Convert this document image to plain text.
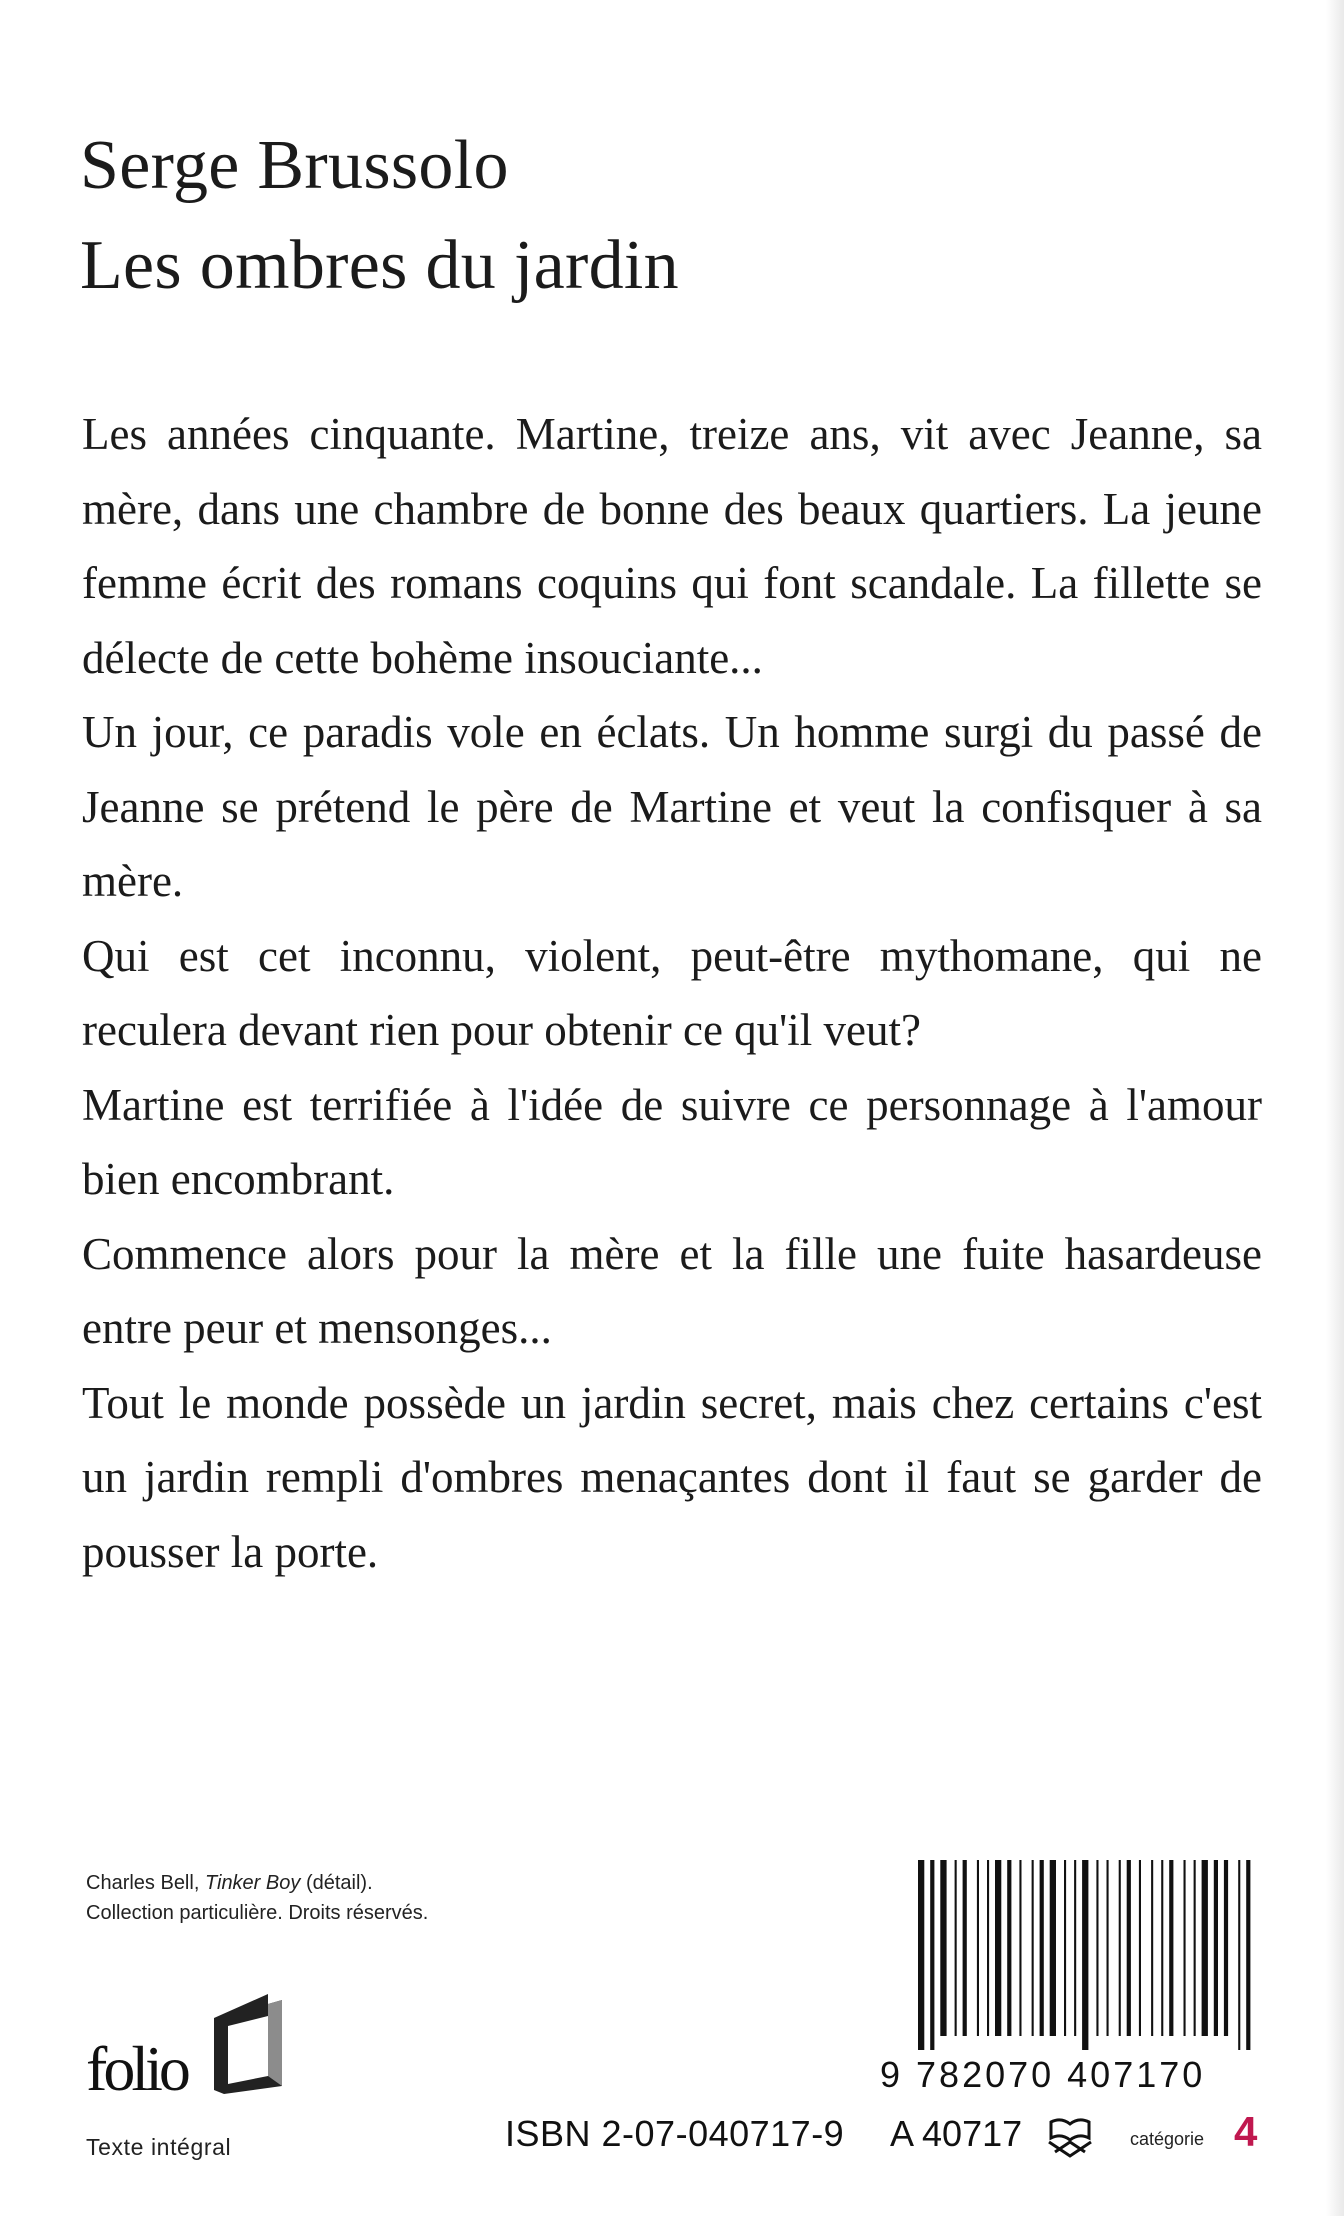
Serge Brussolo
Les ombres du jardin

Les années cinquante. Martine, treize ans, vit avec Jeanne, sa mère, dans une chambre de bonne des beaux quartiers. La jeune femme écrit des romans coquins qui font scandale. La fillette se délecte de cette bohème insouciante...

Un jour, ce paradis vole en éclats. Un homme surgi du passé de Jeanne se prétend le père de Martine et veut la confisquer à sa mère.

Qui est cet inconnu, violent, peut-être mythomane, qui ne reculera devant rien pour obtenir ce qu'il veut?

Martine est terrifiée à l'idée de suivre ce personnage à l'amour bien encombrant.

Commence alors pour la mère et la fille une fuite hasardeuse entre peur et mensonges...

Tout le monde possède un jardin secret, mais chez certains c'est un jardin rempli d'ombres menaçantes dont il faut se garder de pousser la porte.

Charles Bell, Tinker Boy (détail).
Collection particulière. Droits réservés.
folio
Texte intégral
9 782070 407170
ISBN 2-07-040717-9 A 40717	catégorie 4
